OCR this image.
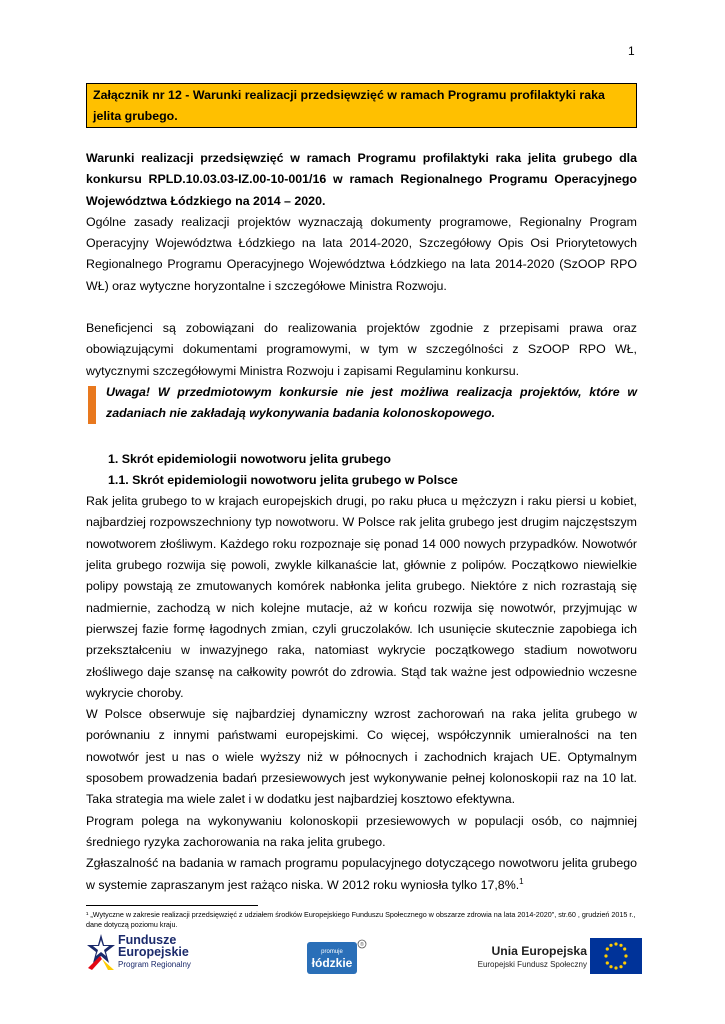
1
Załącznik nr 12 - Warunki realizacji przedsięwzięć w ramach Programu profilaktyki raka jelita grubego.

Warunki realizacji przedsięwzięć w ramach Programu profilaktyki raka jelita grubego dla konkursu RPLD.10.03.03-IZ.00-10-001/16 w ramach Regionalnego Programu Operacyjnego Województwa Łódzkiego na 2014 – 2020.

Ogólne zasady realizacji projektów wyznaczają dokumenty programowe, Regionalny Program Operacyjny Województwa Łódzkiego na lata 2014-2020, Szczegółowy Opis Osi Priorytetowych Regionalnego Programu Operacyjnego Województwa Łódzkiego na lata 2014-2020 (SzOOP RPO WŁ) oraz wytyczne horyzontalne i szczegółowe Ministra Rozwoju.

Beneficjenci są zobowiązani do realizowania projektów zgodnie z przepisami prawa oraz obowiązującymi dokumentami programowymi, w tym w szczególności z SzOOP RPO WŁ, wytycznymi szczegółowymi Ministra Rozwoju i zapisami Regulaminu konkursu.

Uwaga! W przedmiotowym konkursie nie jest możliwa realizacja projektów, które w zadaniach nie zakładają wykonywania badania kolonoskopowego.

1. Skrót epidemiologii nowotworu jelita grubego

1.1. Skrót epidemiologii nowotworu jelita grubego w Polsce

Rak jelita grubego to w krajach europejskich drugi, po raku płuca u mężczyzn i raku piersi u kobiet, najbardziej rozpowszechniony typ nowotworu. W Polsce rak jelita grubego jest drugim najczęstszym nowotworem złośliwym. Każdego roku rozpoznaje się ponad 14 000 nowych przypadków. Nowotwór jelita grubego rozwija się powoli, zwykle kilkanaście lat, głównie z polipów. Początkowo niewielkie polipy powstają ze zmutowanych komórek nabłonka jelita grubego. Niektóre z nich rozrastają się nadmiernie, zachodzą w nich kolejne mutacje, aż w końcu rozwija się nowotwór, przyjmując w pierwszej fazie formę łagodnych zmian, czyli gruczolaków. Ich usunięcie skutecznie zapobiega ich przekształceniu w inwazyjnego raka, natomiast wykrycie początkowego stadium nowotworu złośliwego daje szansę na całkowity powrót do zdrowia. Stąd tak ważne jest odpowiednio wczesne wykrycie choroby.

W Polsce obserwuje się najbardziej dynamiczny wzrost zachorowań na raka jelita grubego w porównaniu z innymi państwami europejskimi. Co więcej, współczynnik umieralności na ten nowotwór jest u nas o wiele wyższy niż w północnych i zachodnich krajach UE. Optymalnym sposobem prowadzenia badań przesiewowych jest wykonywanie pełnej kolonoskopii raz na 10 lat. Taka strategia ma wiele zalet i w dodatku jest najbardziej kosztowo efektywna.

Program polega na wykonywaniu kolonoskopii przesiewowych w populacji osób, co najmniej średniego ryzyka zachorowania na raka jelita grubego.

Zgłaszalność na badania w ramach programu populacyjnego dotyczącego nowotworu jelita grubego w systemie zapraszanym jest rażąco niska. W 2012 roku wyniosła tylko 17,8%.$^1$

¹ „Wytyczne w zakresie realizacji przedsięwzięć z udziałem środków Europejskiego Funduszu Społecznego w obszarze zdrowia na lata 2014-2020", str.60 , grudzień 2015 r., dane dotyczą poziomu kraju.
Fundusze
Europejskie
Program Regionalny
promuje
łódzkie
®	Unia Europejska
Europejski Fundusz Społeczny
